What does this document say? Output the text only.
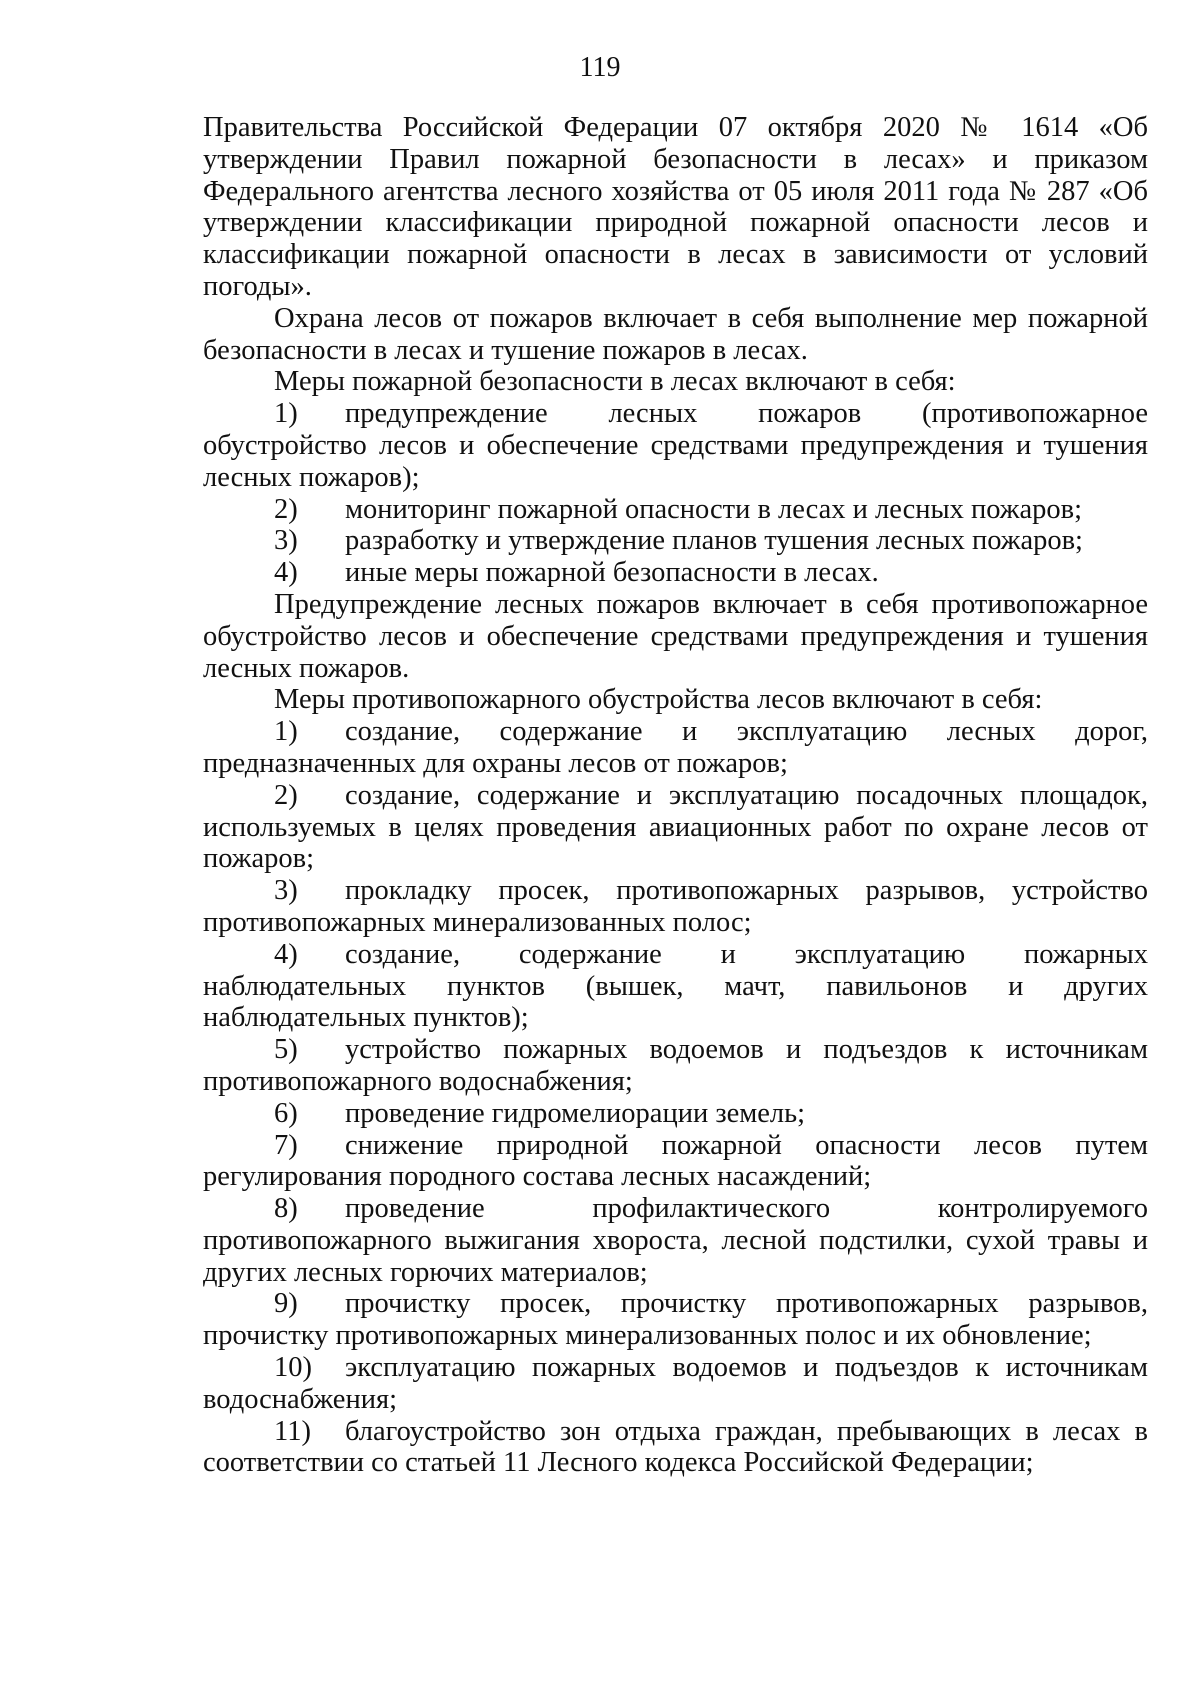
119

Правительства Российской Федерации 07 октября 2020 № 1614 «Об утверждении Правил пожарной безопасности в лесах» и приказом Федерального агентства лесного хозяйства от 05 июля 2011 года № 287 «Об утверждении классификации природной пожарной опасности лесов и классификации пожарной опасности в лесах в зависимости от условий погоды».

Охрана лесов от пожаров включает в себя выполнение мер пожарной безопасности в лесах и тушение пожаров в лесах.

Меры пожарной безопасности в лесах включают в себя:

1) предупреждение лесных пожаров (противопожарное обустройство лесов и обеспечение средствами предупреждения и тушения лесных пожаров);

2) мониторинг пожарной опасности в лесах и лесных пожаров;

3) разработку и утверждение планов тушения лесных пожаров;

4) иные меры пожарной безопасности в лесах.

Предупреждение лесных пожаров включает в себя противопожарное обустройство лесов и обеспечение средствами предупреждения и тушения лесных пожаров.

Меры противопожарного обустройства лесов включают в себя:

1) создание, содержание и эксплуатацию лесных дорог, предназначенных для охраны лесов от пожаров;

2) создание, содержание и эксплуатацию посадочных площадок, используемых в целях проведения авиационных работ по охране лесов от пожаров;

3) прокладку просек, противопожарных разрывов, устройство противопожарных минерализованных полос;

4) создание, содержание и эксплуатацию пожарных наблюдательных пунктов (вышек, мачт, павильонов и других наблюдательных пунктов);

5) устройство пожарных водоемов и подъездов к источникам противопожарного водоснабжения;

6) проведение гидромелиорации земель;

7) снижение природной пожарной опасности лесов путем регулирования породного состава лесных насаждений;

8) проведение профилактического контролируемого противопожарного выжигания хвороста, лесной подстилки, сухой травы и других лесных горючих материалов;

9) прочистку просек, прочистку противопожарных разрывов, прочистку противопожарных минерализованных полос и их обновление;

10) эксплуатацию пожарных водоемов и подъездов к источникам водоснабжения;

11) благоустройство зон отдыха граждан, пребывающих в лесах в соответствии со статьей 11 Лесного кодекса Российской Федерации;
